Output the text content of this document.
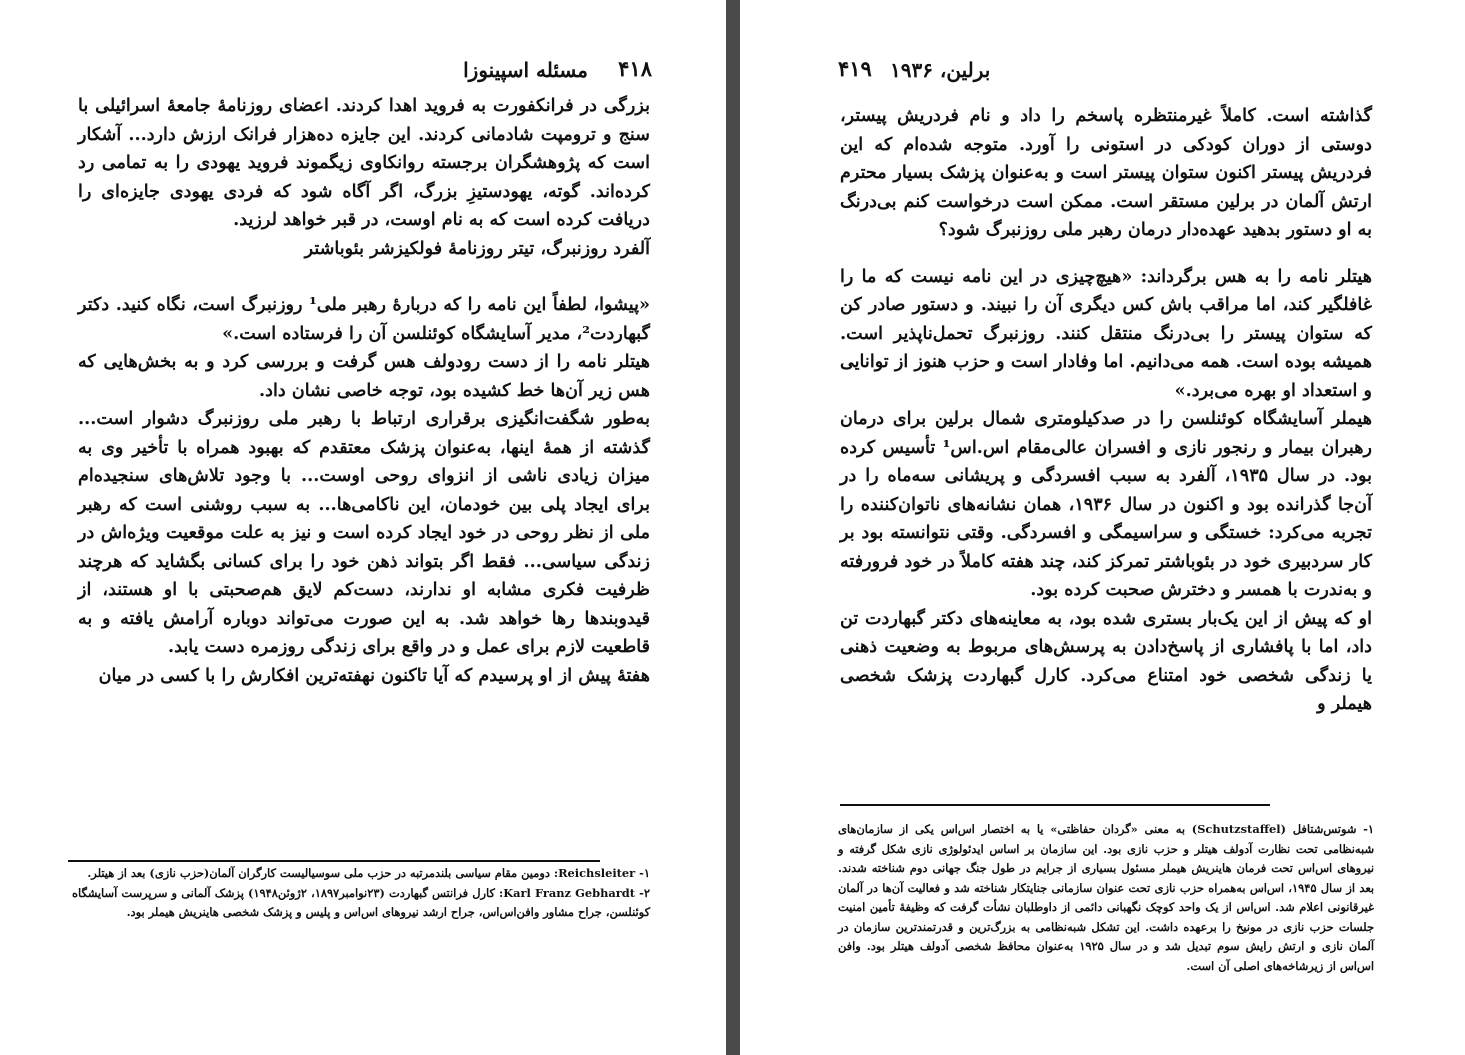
۴۱۸
مسئله اسپینوزا

بزرگی در فرانکفورت به فروید اهدا کردند. اعضای روزنامهٔ جامعهٔ اسرائیلی با سنج و ترومپت شادمانی کردند. این جایزه ده‌هزار فرانک ارزش دارد... آشکار است که پژوهشگران برجسته روانکاوی زیگموند فروید یهودی را به تمامی رد کرده‌اند. گوته، یهودستیزِ بزرگ، اگر آگاه شود که فردی یهودی جایزه‌ای را دریافت کرده است که به نام اوست، در قبر خواهد لرزید.

آلفرد روزنبرگ، تیتر روزنامهٔ فولکیزشر بئوباشتر

«پیشوا، لطفاً این نامه را که دربارهٔ رهبر ملی¹ روزنبرگ است، نگاه کنید. دکتر گبهاردت²، مدیر آسایشگاه کوئنلسن آن را فرستاده است.»

هیتلر نامه را از دست رودولف هس گرفت و بررسی کرد و به بخش‌هایی که هس زیر آن‌ها خط کشیده بود، توجه خاصی نشان داد.

به‌طور شگفت‌انگیزی برقراری ارتباط با رهبر ملی روزنبرگ دشوار است... گذشته از همهٔ اینها، به‌عنوان پزشک معتقدم که بهبود همراه با تأخیر وی به میزان زیادی ناشی از انزوای روحی اوست... با وجود تلاش‌های سنجیده‌ام برای ایجاد پلی بین خودمان، این ناکامی‌ها... به سبب روشنی است که رهبر ملی از نظر روحی در خود ایجاد کرده است و نیز به علت موقعیت ویژه‌اش در زندگی سیاسی... فقط اگر بتواند ذهن خود را برای کسانی بگشاید که هرچند ظرفیت فکری مشابه او ندارند، دست‌کم لایق هم‌صحبتی با او هستند، از قیدوبندها رها خواهد شد. به این صورت می‌تواند دوباره آرامش یافته و به قاطعیت لازم برای عمل و در واقع برای زندگی روزمره دست یابد.

هفتهٔ پیش از او پرسیدم که آیا تاکنون نهفته‌ترین افکارش را با کسی در میان

۱- Reichsleiter: دومین مقام سیاسی بلندمرتبه در حزب ملی سوسیالیست کارگران آلمان(حزب نازی) بعد از هیتلر.

۲- Karl Franz Gebhardt: کارل فرانتس گبهاردت (۲۳نوامبر۱۸۹۷، ۲ژوئن۱۹۴۸) پزشک آلمانی و سرپرست آسایشگاه کوئنلسن، جراح مشاور وافن‌اس‌اس، جراح ارشد نیروهای اس‌اس و پلیس و پزشک شخصی هاینریش هیملر بود.

۴۱۹ برلین، ۱۹۳۶

گذاشته است. کاملاً غیرمنتظره پاسخم را داد و نام فردریش پیستر، دوستی از دوران کودکی در استونی را آورد. متوجه شده‌ام که این فردریش پیستر اکنون ستوان پیستر است و به‌عنوان پزشک بسیار محترم ارتش آلمان در برلین مستقر است. ممکن است درخواست کنم بی‌درنگ به او دستور بدهید عهده‌دار درمان رهبر ملی روزنبرگ شود؟

هیتلر نامه را به هس برگرداند: «هیچ‌چیزی در این نامه نیست که ما را غافلگیر کند، اما مراقب باش کس دیگری آن را نبیند. و دستور صادر کن که ستوان پیستر را بی‌درنگ منتقل کنند. روزنبرگ تحمل‌ناپذیر است. همیشه بوده است. همه می‌دانیم. اما وفادار است و حزب هنوز از توانایی و استعداد او بهره می‌برد.»

هیملر آسایشگاه کوئنلسن را در صدکیلومتری شمال برلین برای درمان رهبران بیمار و رنجور نازی و افسران عالی‌مقام اس.اس¹ تأسیس کرده بود. در سال ۱۹۳۵، آلفرد به سبب افسردگی و پریشانی سه‌ماه را در آن‌جا گذرانده بود و اکنون در سال ۱۹۳۶، همان نشانه‌های ناتوان‌کننده را تجربه می‌کرد: خستگی و سراسیمگی و افسردگی. وقتی نتوانسته بود بر کار سردبیری خود در بئوباشتر تمرکز کند، چند هفته کاملاً در خود فرورفته و به‌ندرت با همسر و دخترش صحبت کرده بود.

او که پیش از این یک‌بار بستری شده بود، به معاینه‌های دکتر گبهاردت تن داد، اما با پافشاری از پاسخ‌دادن به پرسش‌های مربوط به وضعیت ذهنی یا زندگی شخصی خود امتناع می‌کرد. کارل گبهاردت پزشک شخصی هیملر و

۱- شوتس‌شتافل (Schutzstaffel) به معنی «گردان حفاظتی» یا به اختصار اس‌اس یکی از سازمان‌های شبه‌نظامی تحت نظارت آدولف هیتلر و حزب نازی بود. این سازمان بر اساس ایدئولوژی نازی شکل گرفته و نیروهای اس‌اس تحت فرمان هاینریش هیملر مسئول بسیاری از جرایم در طول جنگ جهانی دوم شناخته شدند. بعد از سال ۱۹۴۵، اس‌اس به‌همراه حزب نازی تحت عنوان سازمانی جنایتکار شناخته شد و فعالیت آن‌ها در آلمان غیرقانونی اعلام شد. اس‌اس از یک واحد کوچک نگهبانی دائمی از داوطلبان نشأت گرفت که وظیفهٔ تأمین امنیت جلسات حزب نازی در مونیخ را برعهده داشت. این تشکل شبه‌نظامی به بزرگ‌ترین و قدرتمندترین سازمان در آلمان نازی و ارتش رایش سوم تبدیل شد و در سال ۱۹۲۵ به‌عنوان محافظ شخصی آدولف هیتلر بود. وافن اس‌اس از زیرشاخه‌های اصلی آن است.
